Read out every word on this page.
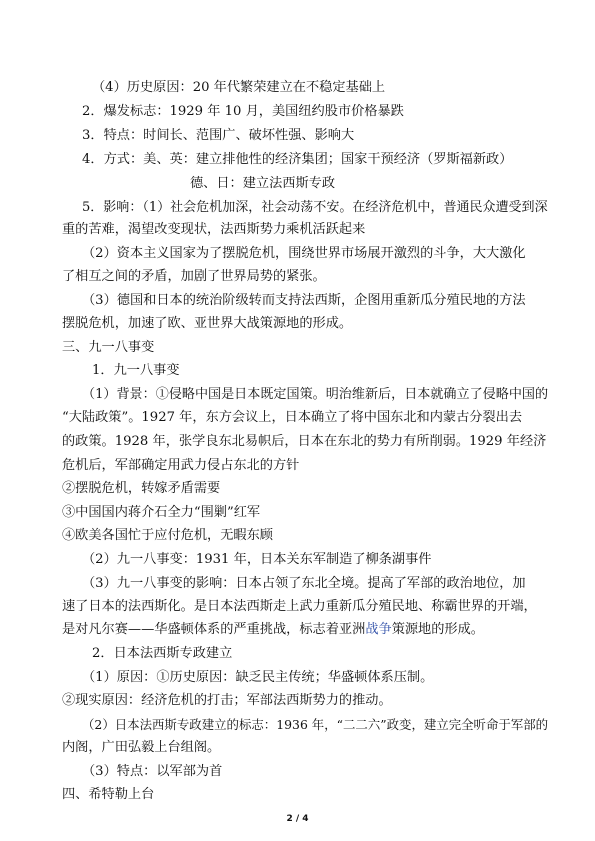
（4）历史原因：20 年代繁荣建立在不稳定基础上
2．爆发标志：1929 年 10 月，美国纽约股市价格暴跌
3．特点：时间长、范围广、破坏性强、影响大
4．方式：美、英：建立排他性的经济集团；国家干预经济（罗斯福新政）
德、日：建立法西斯专政
5．影响：（1）社会危机加深，社会动荡不安。在经济危机中，普通民众遭受到深
重的苦难，渴望改变现状，法西斯势力乘机活跃起来
（2）资本主义国家为了摆脱危机，围绕世界市场展开激烈的斗争，大大激化
了相互之间的矛盾，加剧了世界局势的紧张。
（3）德国和日本的统治阶级转而支持法西斯，企图用重新瓜分殖民地的方法
摆脱危机，加速了欧、亚世界大战策源地的形成。
三、九一八事变
1．九一八事变
（1）背景：①侵略中国是日本既定国策。明治维新后，日本就确立了侵略中国的
“大陆政策”。1927 年，东方会议上，日本确立了将中国东北和内蒙古分裂出去
的政策。1928 年，张学良东北易帜后，日本在东北的势力有所削弱。1929 年经济
危机后，军部确定用武力侵占东北的方针
②摆脱危机，转嫁矛盾需要
③中国国内蒋介石全力“围剿”红军
④欧美各国忙于应付危机，无暇东顾
（2）九一八事变：1931 年，日本关东军制造了柳条湖事件
（3）九一八事变的影响：日本占领了东北全境。提高了军部的政治地位，加
速了日本的法西斯化。是日本法西斯走上武力重新瓜分殖民地、称霸世界的开端，
是对凡尔赛——华盛顿体系的严重挑战，标志着亚洲战争策源地的形成。
2．日本法西斯专政建立
（1）原因：①历史原因：缺乏民主传统；华盛顿体系压制。
②现实原因：经济危机的打击；军部法西斯势力的推动。
（2）日本法西斯专政建立的标志：1936 年，“二二六”政变，建立完全听命于军部的
内阁，广田弘毅上台组阁。
（3）特点：以军部为首
四、希特勒上台
2 / 4
